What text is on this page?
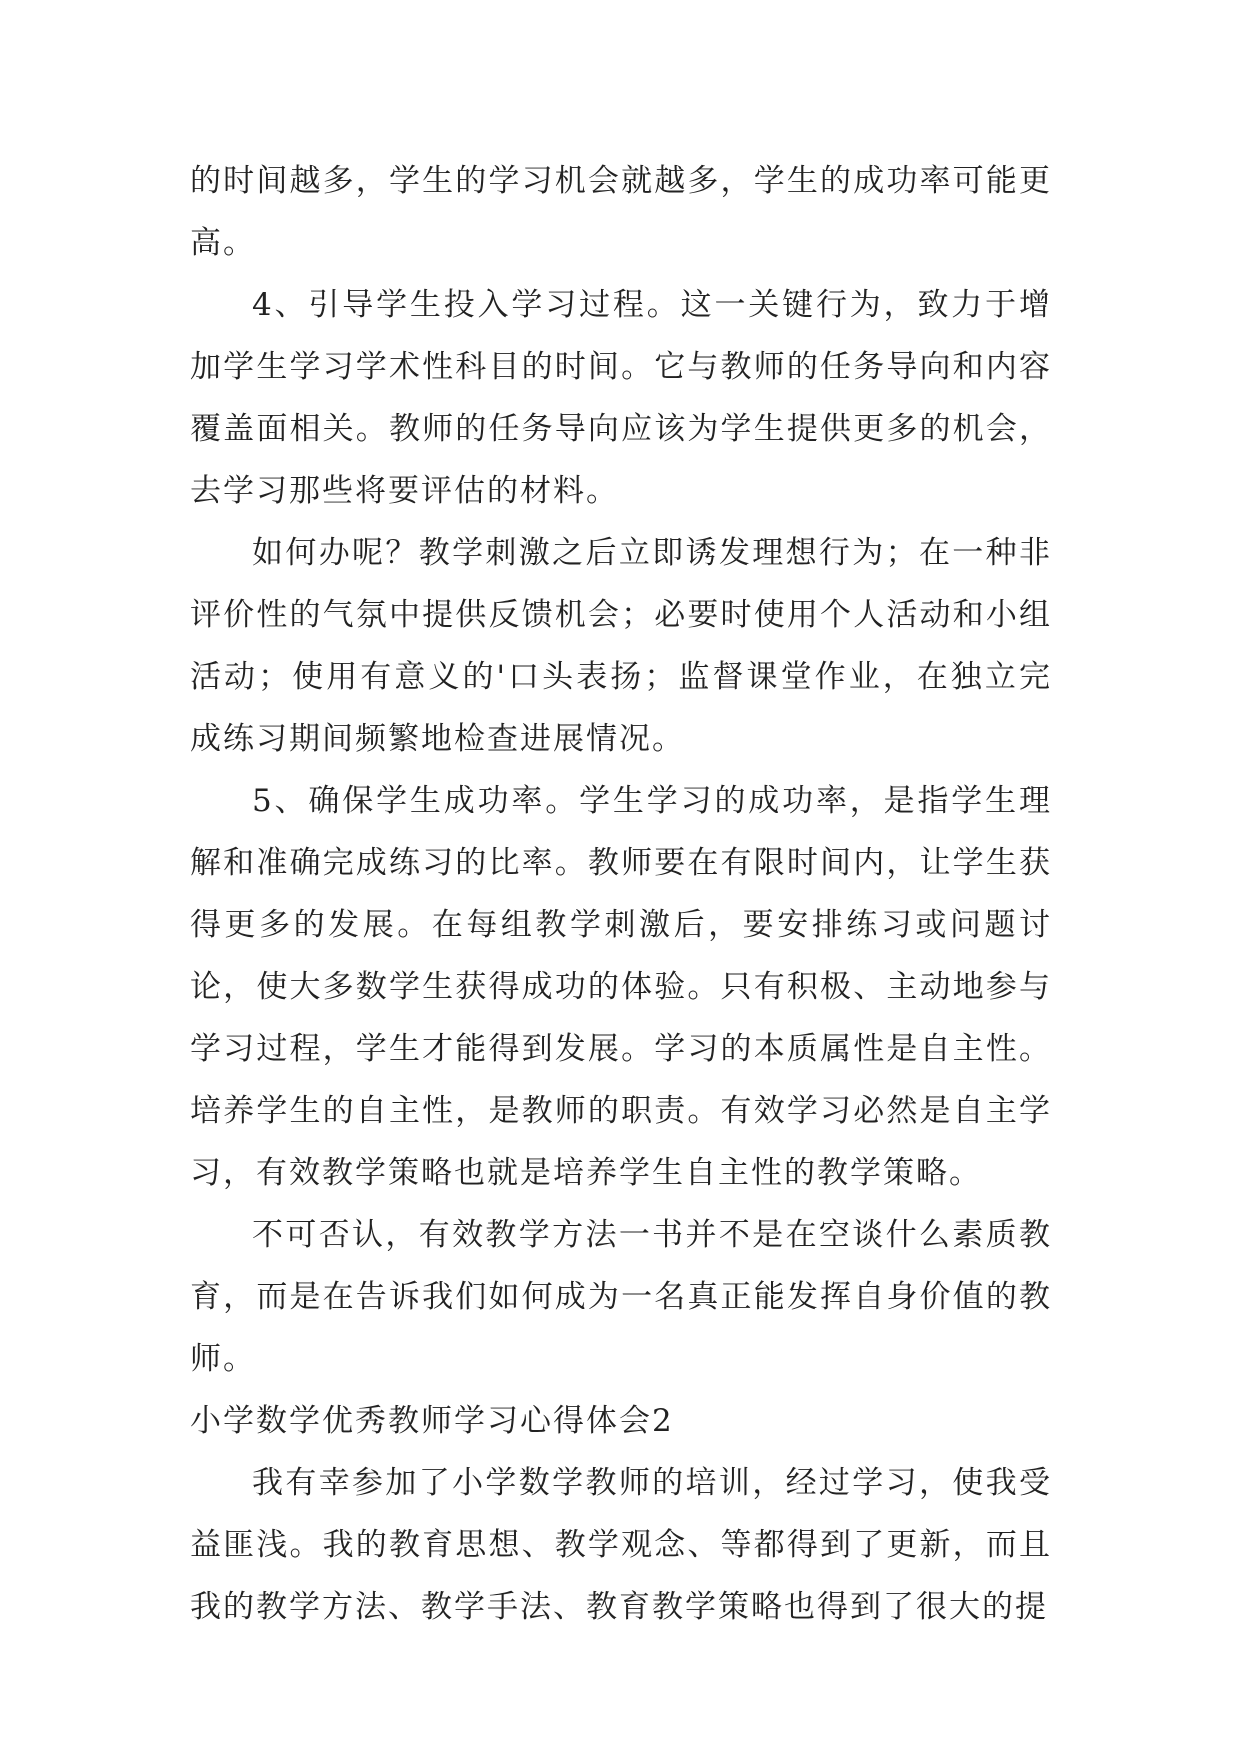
的时间越多，学生的学习机会就越多，学生的成功率可能更高。

4、引导学生投入学习过程。这一关键行为，致力于增加学生学习学术性科目的时间。它与教师的任务导向和内容覆盖面相关。教师的任务导向应该为学生提供更多的机会，去学习那些将要评估的材料。

如何办呢？教学刺激之后立即诱发理想行为；在一种非评价性的气氛中提供反馈机会；必要时使用个人活动和小组活动；使用有意义的'口头表扬；监督课堂作业，在独立完成练习期间频繁地检查进展情况。

5、确保学生成功率。学生学习的成功率，是指学生理解和准确完成练习的比率。教师要在有限时间内，让学生获得更多的发展。在每组教学刺激后，要安排练习或问题讨论，使大多数学生获得成功的体验。只有积极、主动地参与学习过程，学生才能得到发展。学习的本质属性是自主性。培养学生的自主性，是教师的职责。有效学习必然是自主学习，有效教学策略也就是培养学生自主性的教学策略。

不可否认，有效教学方法一书并不是在空谈什么素质教育，而是在告诉我们如何成为一名真正能发挥自身价值的教师。

小学数学优秀教师学习心得体会2

我有幸参加了小学数学教师的培训，经过学习，使我受益匪浅。我的教育思想、教学观念、等都得到了更新，而且我的教学方法、教学手法、教育教学策略也得到了很大的提
